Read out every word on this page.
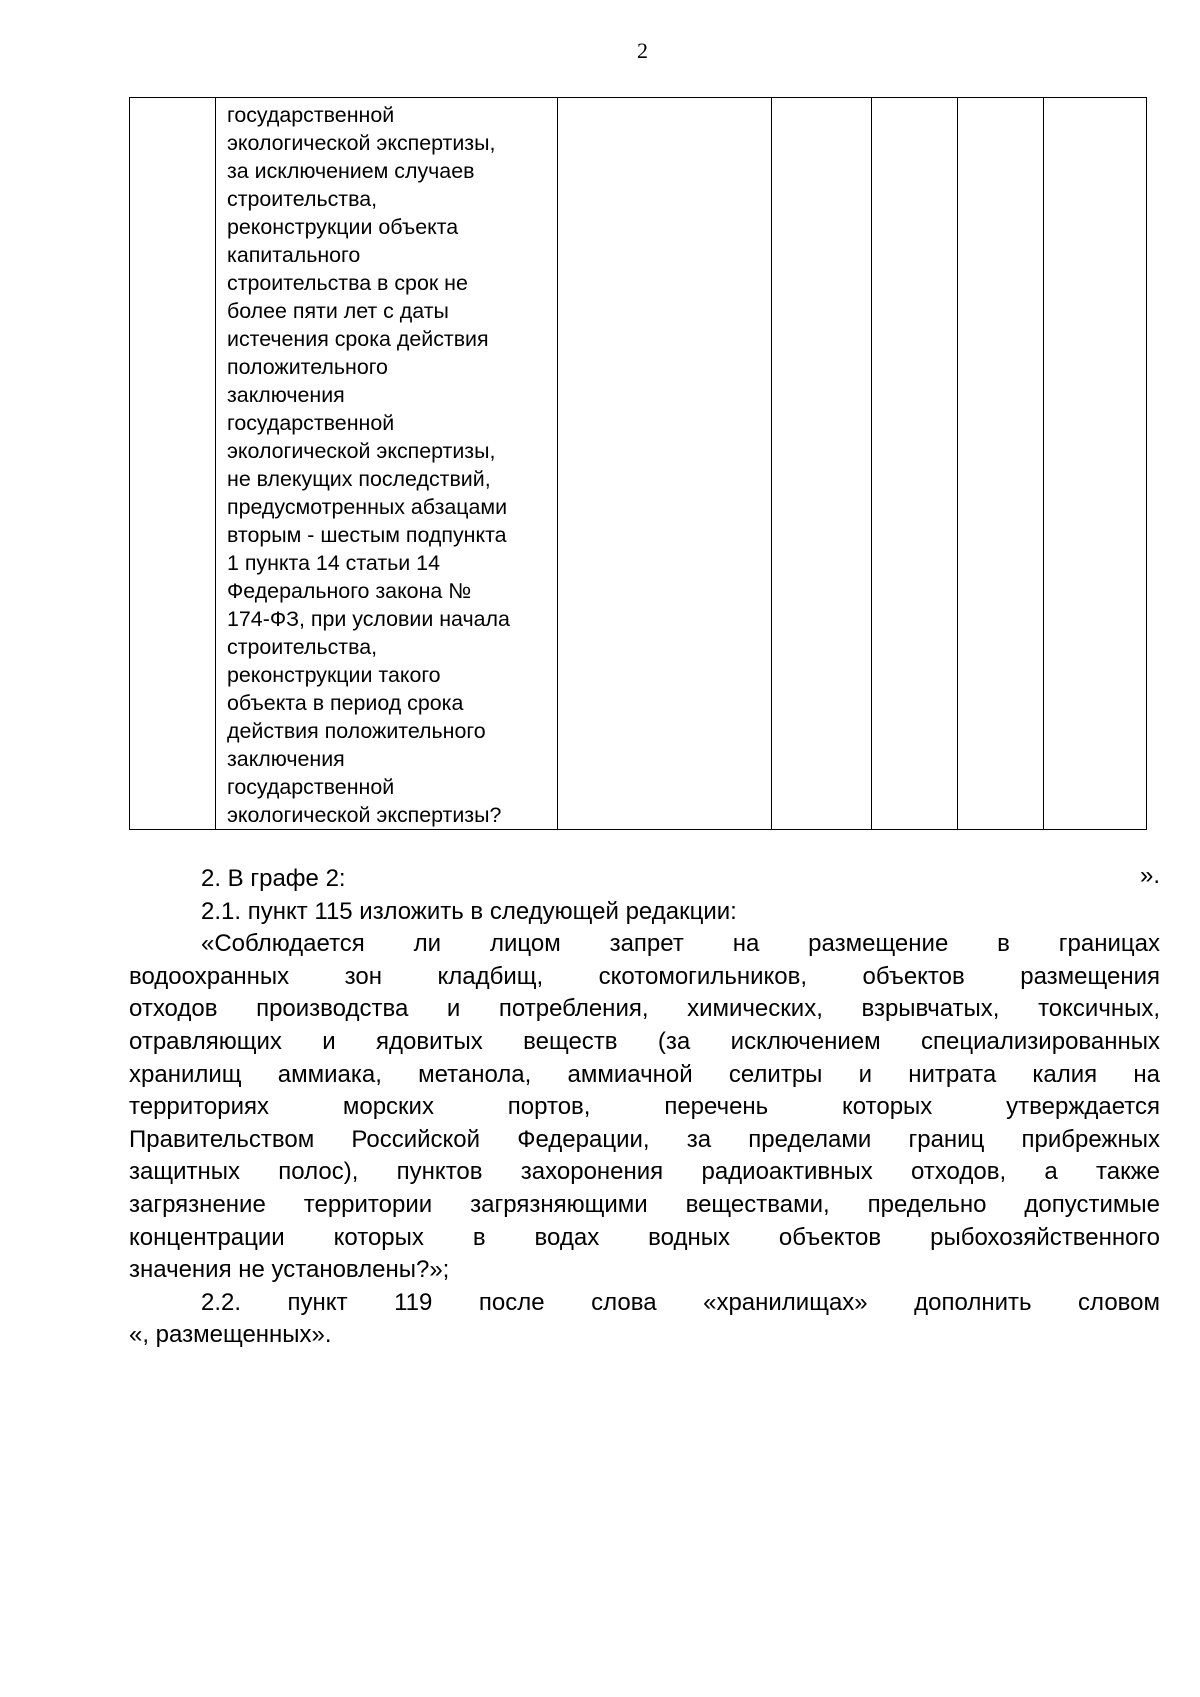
2

государственной
экологической экспертизы,
за исключением случаев
строительства,
реконструкции объекта
капитального
строительства в срок не
более пяти лет с даты
истечения срока действия
положительного
заключения
государственной
экологической экспертизы,
не влекущих последствий,
предусмотренных абзацами
вторым - шестым подпункта
1 пункта 14 статьи 14
Федерального закона №
174-ФЗ, при условии начала
строительства,
реконструкции такого
объекта в период срока
действия положительного
заключения
государственной
экологической экспертизы?

».
2. В графе 2:
2.1. пункт 115 изложить в следующей редакции:
«Соблюдается ли лицом запрет на размещение в границах
водоохранных зон кладбищ, скотомогильников, объектов размещения
отходов производства и потребления, химических, взрывчатых, токсичных,
отравляющих и ядовитых веществ (за исключением специализированных
хранилищ аммиака, метанола, аммиачной селитры и нитрата калия на
территориях морских портов, перечень которых утверждается
Правительством Российской Федерации, за пределами границ прибрежных
защитных полос), пунктов захоронения радиоактивных отходов, а также
загрязнение территории загрязняющими веществами, предельно допустимые
концентрации которых в водах водных объектов рыбохозяйственного
значения не установлены?»;
2.2. пункт 119 после слова «хранилищах» дополнить словом
«, размещенных».
